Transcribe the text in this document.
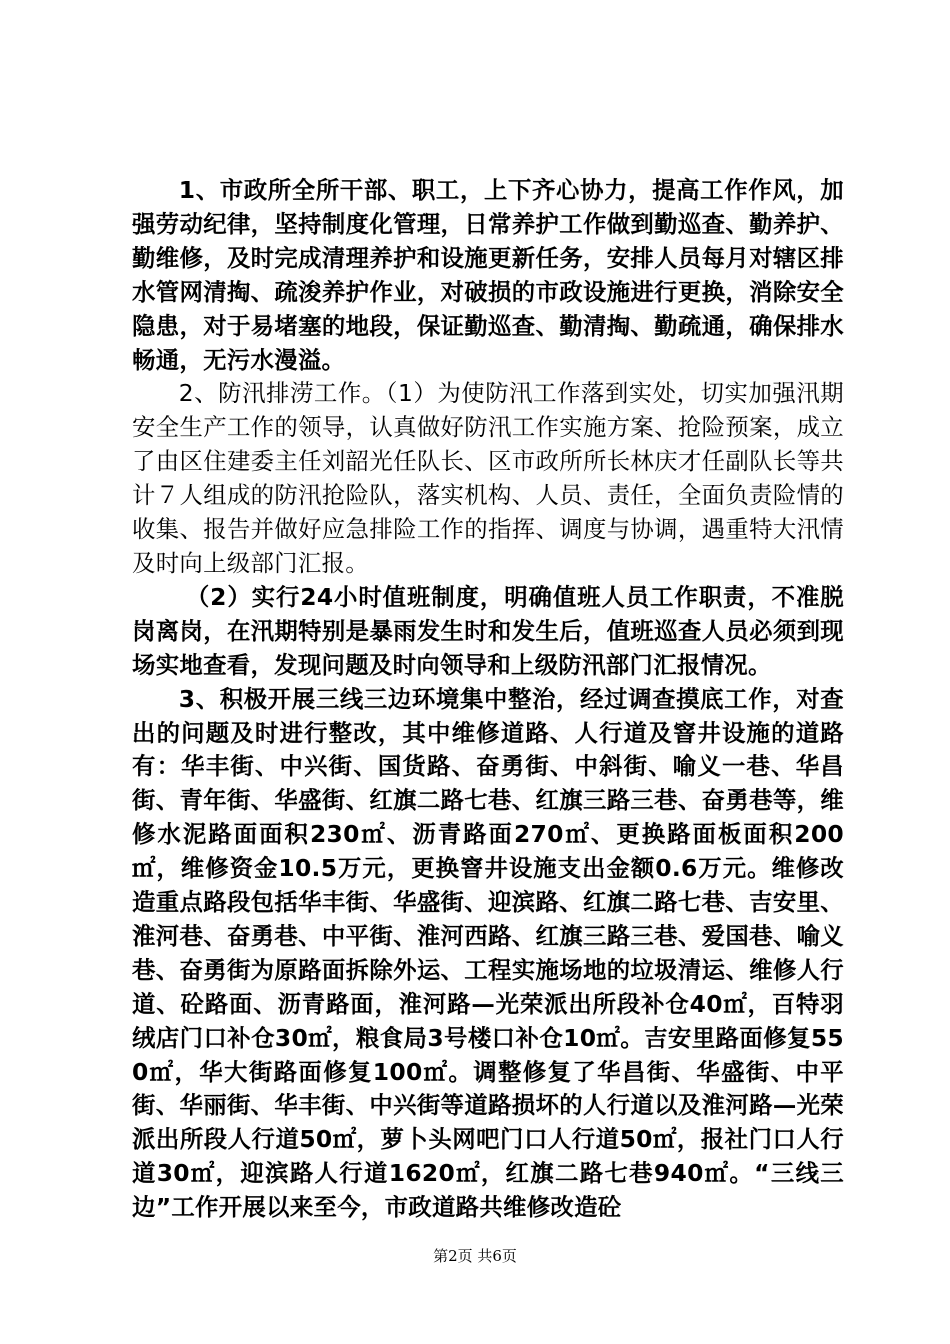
1、市政所全所干部、职工，上下齐心协力，提高工作作风，加强劳动纪律，坚持制度化管理，日常养护工作做到勤巡查、勤养护、勤维修，及时完成清理养护和设施更新任务，安排人员每月对辖区排水管网清掏、疏浚养护作业，对破损的市政设施进行更换，消除安全隐患，对于易堵塞的地段，保证勤巡查、勤清掏、勤疏通，确保排水畅通，无污水漫溢。

2、防汛排涝工作。（1）为使防汛工作落到实处，切实加强汛期安全生产工作的领导，认真做好防汛工作实施方案、抢险预案，成立了由区住建委主任刘韶光任队长、区市政所所长林庆才任副队长等共计７人组成的防汛抢险队，落实机构、人员、责任，全面负责险情的收集、报告并做好应急排险工作的指挥、调度与协调，遇重特大汛情及时向上级部门汇报。

（2）实行24小时值班制度，明确值班人员工作职责，不准脱岗离岗，在汛期特别是暴雨发生时和发生后，值班巡查人员必须到现场实地查看，发现问题及时向领导和上级防汛部门汇报情况。

3、积极开展三线三边环境集中整治，经过调查摸底工作，对查出的问题及时进行整改，其中维修道路、人行道及窨井设施的道路有：华丰街、中兴街、国货路、奋勇街、中斜街、喻义一巷、华昌街、青年街、华盛街、红旗二路七巷、红旗三路三巷、奋勇巷等，维修水泥路面面积230㎡、沥青路面270㎡、更换路面板面积200㎡，维修资金10.5万元，更换窨井设施支出金额0.6万元。维修改造重点路段包括华丰街、华盛街、迎滨路、红旗二路七巷、吉安里、淮河巷、奋勇巷、中平街、淮河西路、红旗三路三巷、爱国巷、喻义巷、奋勇街为原路面拆除外运、工程实施场地的垃圾清运、维修人行道、砼路面、沥青路面，淮河路—光荣派出所段补仓40㎡，百特羽绒店门口补仓30㎡，粮食局3号楼口补仓10㎡。吉安里路面修复550㎡，华大街路面修复100㎡。调整修复了华昌街、华盛街、中平街、华丽街、华丰街、中兴街等道路损坏的人行道以及淮河路—光荣派出所段人行道50㎡，萝卜头网吧门口人行道50㎡，报社门口人行道30㎡，迎滨路人行道1620㎡，红旗二路七巷940㎡。“三线三边”工作开展以来至今，市政道路共维修改造砼

第2页 共6页
